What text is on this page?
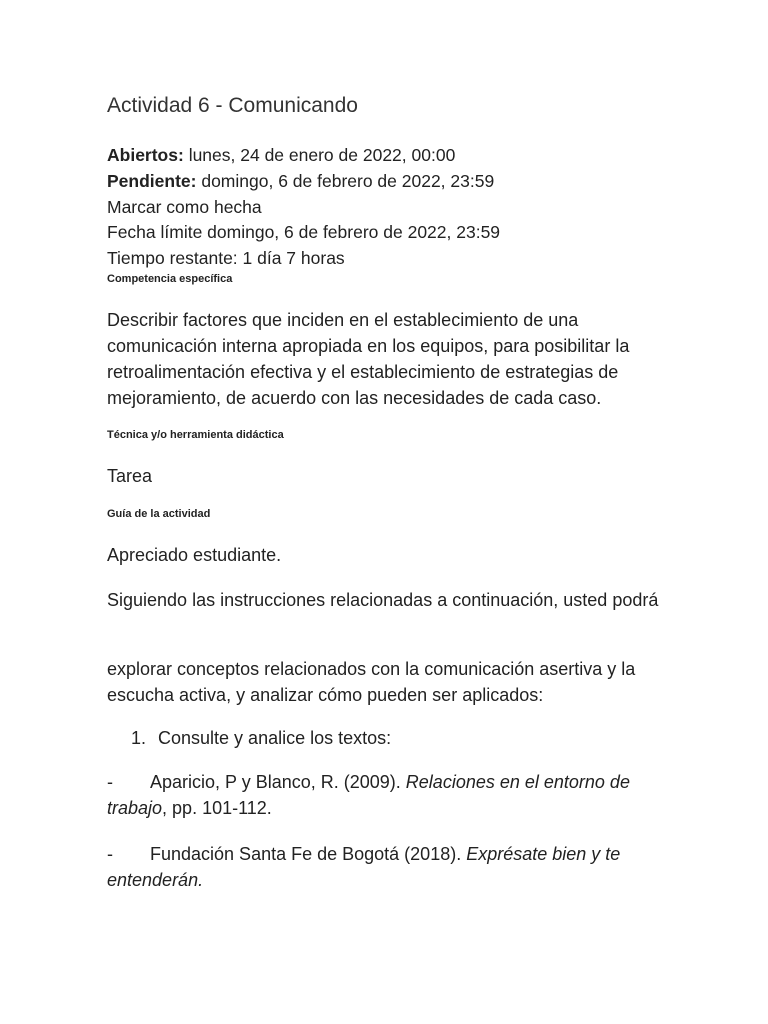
Actividad 6 - Comunicando
Abiertos: lunes, 24 de enero de 2022, 00:00
Pendiente: domingo, 6 de febrero de 2022, 23:59
Marcar como hecha
Fecha límite domingo, 6 de febrero de 2022, 23:59
Tiempo restante: 1 día 7 horas
Competencia específica
Describir factores que inciden en el establecimiento de una comunicación interna apropiada en los equipos, para posibilitar la retroalimentación efectiva y el establecimiento de estrategias de mejoramiento, de acuerdo con las necesidades de cada caso.
Técnica y/o herramienta didáctica
Tarea
Guía de la actividad
Apreciado estudiante.
Siguiendo las instrucciones relacionadas a continuación, usted podrá
explorar conceptos relacionados con la comunicación asertiva y la escucha activa, y analizar cómo pueden ser aplicados:
1. Consulte y analice los textos:
- Aparicio, P y Blanco, R. (2009). Relaciones en el entorno de trabajo, pp. 101-112.
- Fundación Santa Fe de Bogotá (2018). Exprésate bien y te entenderán.
